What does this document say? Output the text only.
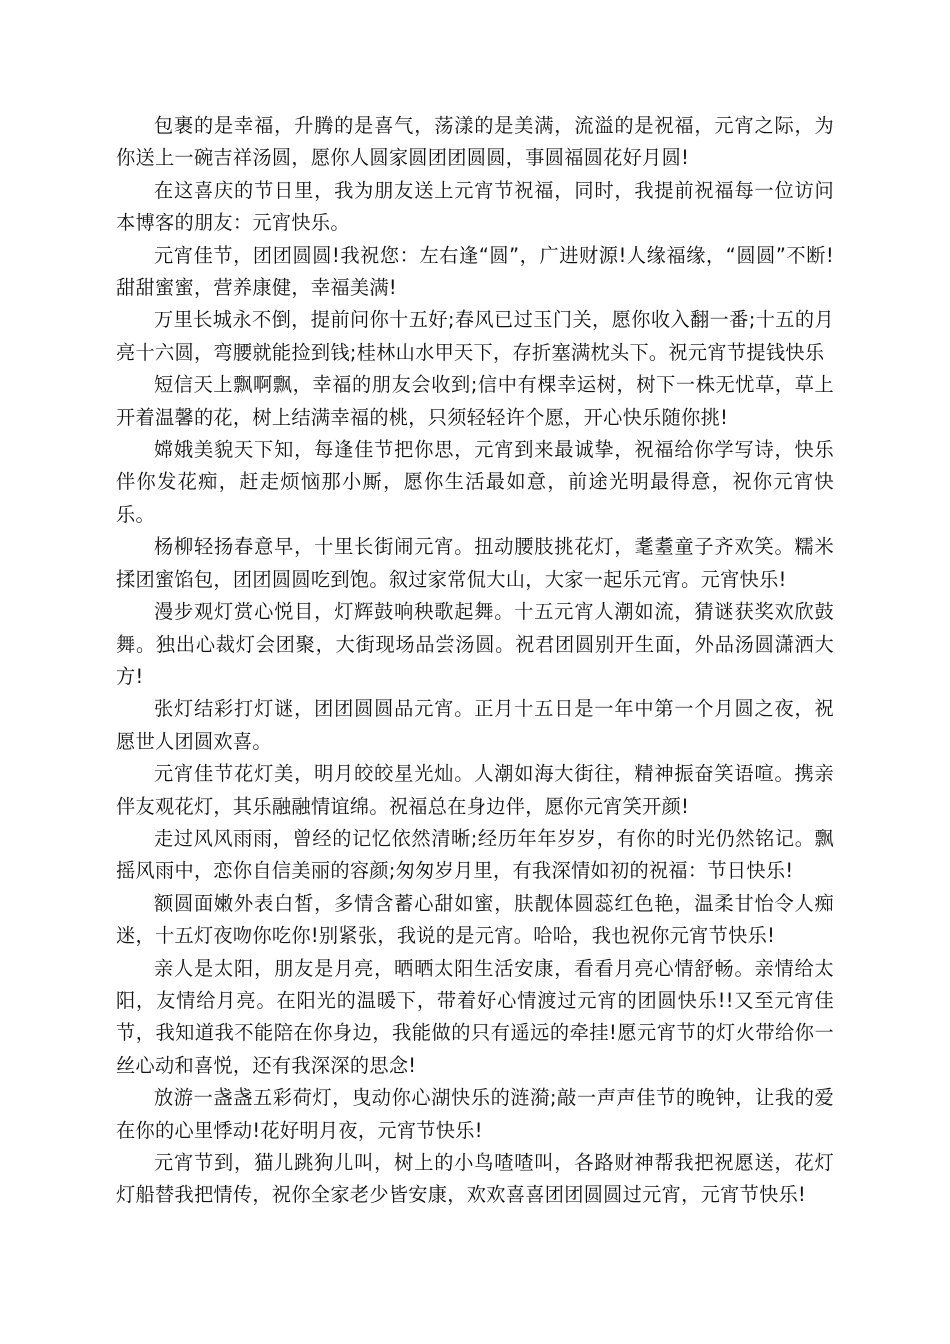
包裹的是幸福，升腾的是喜气，荡漾的是美满，流溢的是祝福，元宵之际，为你送上一碗吉祥汤圆，愿你人圆家圆团团圆圆，事圆福圆花好月圆!

在这喜庆的节日里，我为朋友送上元宵节祝福，同时，我提前祝福每一位访问本博客的朋友：元宵快乐。

元宵佳节，团团圆圆!我祝您：左右逢“圆”，广进财源!人缘福缘，“圆圆”不断!甜甜蜜蜜，营养康健，幸福美满!

万里长城永不倒，提前问你十五好;春风已过玉门关，愿你收入翻一番;十五的月亮十六圆，弯腰就能捡到钱;桂林山水甲天下，存折塞满枕头下。祝元宵节提钱快乐

短信天上飘啊飘，幸福的朋友会收到;信中有棵幸运树，树下一株无忧草，草上开着温馨的花，树上结满幸福的桃，只须轻轻许个愿，开心快乐随你挑!

嫦娥美貌天下知，每逢佳节把你思，元宵到来最诚挚，祝福给你学写诗，快乐伴你发花痴，赶走烦恼那小厮，愿你生活最如意，前途光明最得意，祝你元宵快乐。

杨柳轻扬春意早，十里长街闹元宵。扭动腰肢挑花灯，耄耋童子齐欢笑。糯米揉团蜜馅包，团团圆圆吃到饱。叙过家常侃大山，大家一起乐元宵。元宵快乐!

漫步观灯赏心悦目，灯辉鼓响秧歌起舞。十五元宵人潮如流，猜谜获奖欢欣鼓舞。独出心裁灯会团聚，大街现场品尝汤圆。祝君团圆别开生面，外品汤圆潇洒大方!

张灯结彩打灯谜，团团圆圆品元宵。正月十五日是一年中第一个月圆之夜，祝愿世人团圆欢喜。

元宵佳节花灯美，明月皎皎星光灿。人潮如海大街往，精神振奋笑语喧。携亲伴友观花灯，其乐融融情谊绵。祝福总在身边伴，愿你元宵笑开颜!

走过风风雨雨，曾经的记忆依然清晰;经历年年岁岁，有你的时光仍然铭记。飘摇风雨中，恋你自信美丽的容颜;匆匆岁月里，有我深情如初的祝福：节日快乐!

额圆面嫩外表白皙，多情含蓄心甜如蜜，肤靓体圆蕊红色艳，温柔甘怡令人痴迷，十五灯夜吻你吃你!别紧张，我说的是元宵。哈哈，我也祝你元宵节快乐!

亲人是太阳，朋友是月亮，晒晒太阳生活安康，看看月亮心情舒畅。亲情给太阳，友情给月亮。在阳光的温暖下，带着好心情渡过元宵的团圆快乐!!又至元宵佳节，我知道我不能陪在你身边，我能做的只有遥远的牵挂!愿元宵节的灯火带给你一丝心动和喜悦，还有我深深的思念!

放游一盏盏五彩荷灯，曳动你心湖快乐的涟漪;敲一声声佳节的晚钟，让我的爱在你的心里悸动!花好明月夜，元宵节快乐!

元宵节到，猫儿跳狗儿叫，树上的小鸟喳喳叫，各路财神帮我把祝愿送，花灯灯船替我把情传，祝你全家老少皆安康，欢欢喜喜团团圆圆过元宵，元宵节快乐!
